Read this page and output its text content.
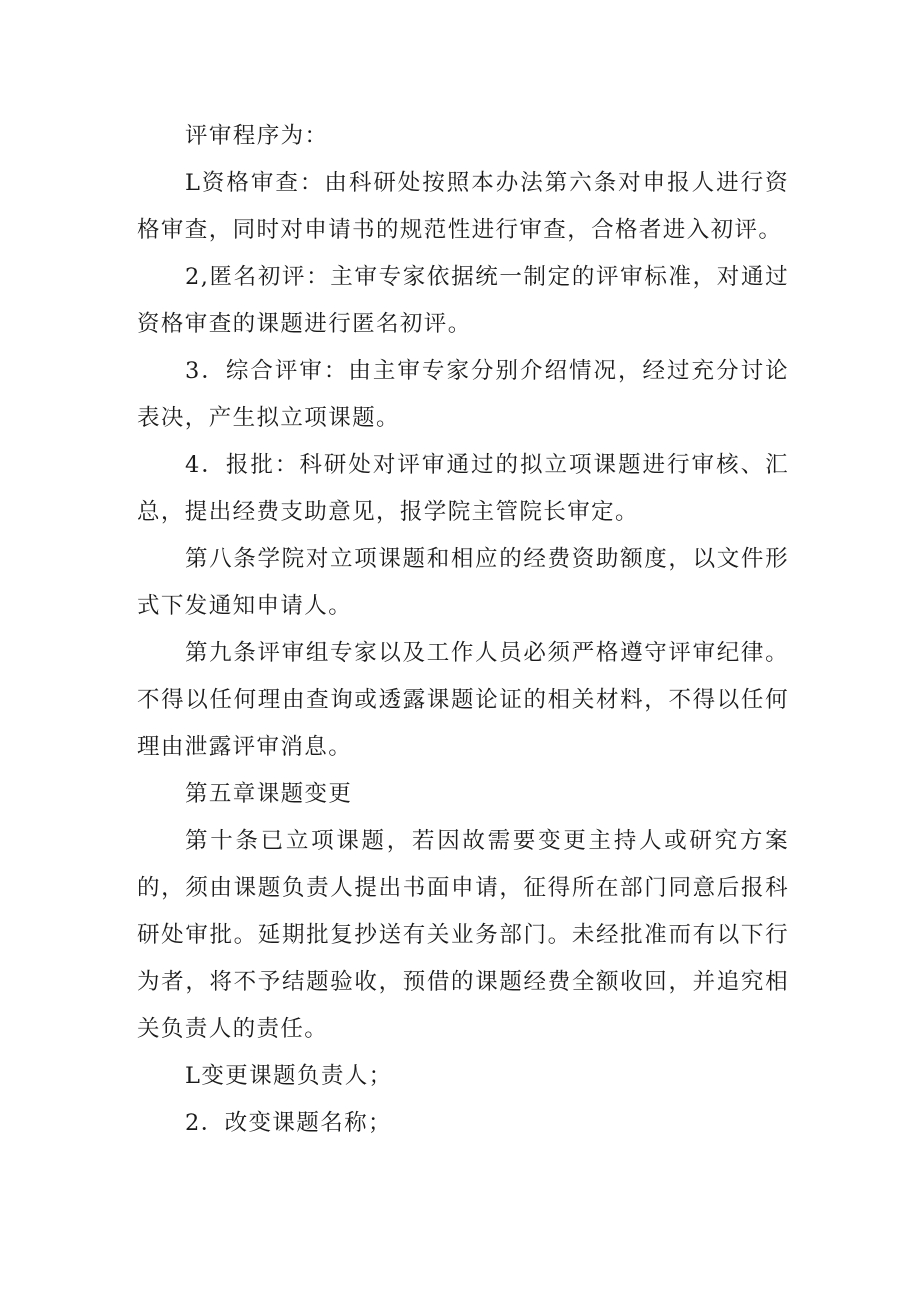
评审程序为：

L资格审查：由科研处按照本办法第六条对申报人进行资格审查，同时对申请书的规范性进行审查，合格者进入初评。

2,匿名初评：主审专家依据统一制定的评审标准，对通过资格审查的课题进行匿名初评。

3．综合评审：由主审专家分别介绍情况，经过充分讨论表决，产生拟立项课题。

4．报批：科研处对评审通过的拟立项课题进行审核、汇总，提出经费支助意见，报学院主管院长审定。

第八条学院对立项课题和相应的经费资助额度，以文件形式下发通知申请人。

第九条评审组专家以及工作人员必须严格遵守评审纪律。不得以任何理由查询或透露课题论证的相关材料，不得以任何理由泄露评审消息。

第五章课题变更

第十条已立项课题，若因故需要变更主持人或研究方案的，须由课题负责人提出书面申请，征得所在部门同意后报科研处审批。延期批复抄送有关业务部门。未经批准而有以下行为者，将不予结题验收，预借的课题经费全额收回，并追究相关负责人的责任。

L变更课题负责人；

2．改变课题名称；
